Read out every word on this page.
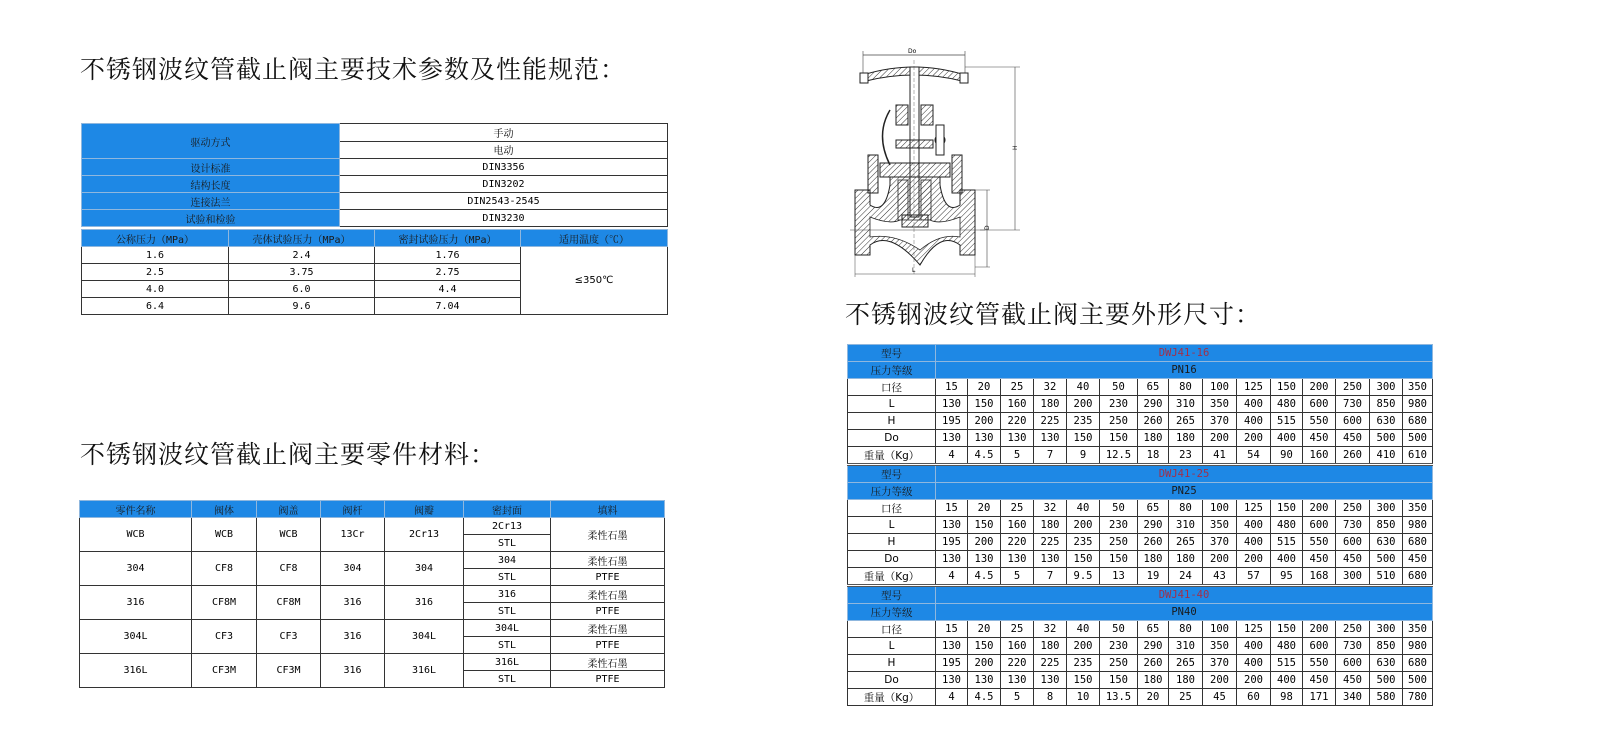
不锈钢波纹管截止阀主要技术参数及性能规范：
不锈钢波纹管截止阀主要零件材料：
不锈钢波纹管截止阀主要外形尺寸：
驱动方式	手动
	电动
设计标准	DIN3356
结构长度	DIN3202
连接法兰	DIN2543-2545
试验和检验	DIN3230
公称压力（MPa）	壳体试验压力（MPa）	密封试验压力（MPa）	适用温度（℃）
1.6	2.4	1.76	≤350℃
2.5	3.75	2.75	
4.0	6.0	4.4	
6.4	9.6	7.04	
零件名称	阀体	阀盖	阀杆	阀瓣	密封面	填料
WCB	WCB	WCB	13Cr	2Cr13	2Cr13	柔性石墨
					STL	
304	CF8	CF8	304	304	304	柔性石墨
					STL	PTFE
316	CF8M	CF8M	316	316	316	柔性石墨
					STL	PTFE
304L	CF3	CF3	316	304L	304L	柔性石墨
					STL	PTFE
316L	CF3M	CF3M	316	316L	316L	柔性石墨
					STL	PTFE
Do
H
D
L
型号	DWJ41-16														
压力等级	PN16														
口径	15	20	25	32	40	50	65	80	100	125	150	200	250	300	350
L	130	150	160	180	200	230	290	310	350	400	480	600	730	850	980
H	195	200	220	225	235	250	260	265	370	400	515	550	600	630	680
Do	130	130	130	130	150	150	180	180	200	200	400	450	450	500	500
重量（Kg）	4	4.5	5	7	9	12.5	18	23	41	54	90	160	260	410	610
型号	DWJ41-25														
压力等级	PN25														
口径	15	20	25	32	40	50	65	80	100	125	150	200	250	300	350
L	130	150	160	180	200	230	290	310	350	400	480	600	730	850	980
H	195	200	220	225	235	250	260	265	370	400	515	550	600	630	680
Do	130	130	130	130	150	150	180	180	200	200	400	450	450	500	450
重量（Kg）	4	4.5	5	7	9.5	13	19	24	43	57	95	168	300	510	680
型号	DWJ41-40														
压力等级	PN40														
口径	15	20	25	32	40	50	65	80	100	125	150	200	250	300	350
L	130	150	160	180	200	230	290	310	350	400	480	600	730	850	980
H	195	200	220	225	235	250	260	265	370	400	515	550	600	630	680
Do	130	130	130	130	150	150	180	180	200	200	400	450	450	500	500
重量（Kg）	4	4.5	5	8	10	13.5	20	25	45	60	98	171	340	580	780
